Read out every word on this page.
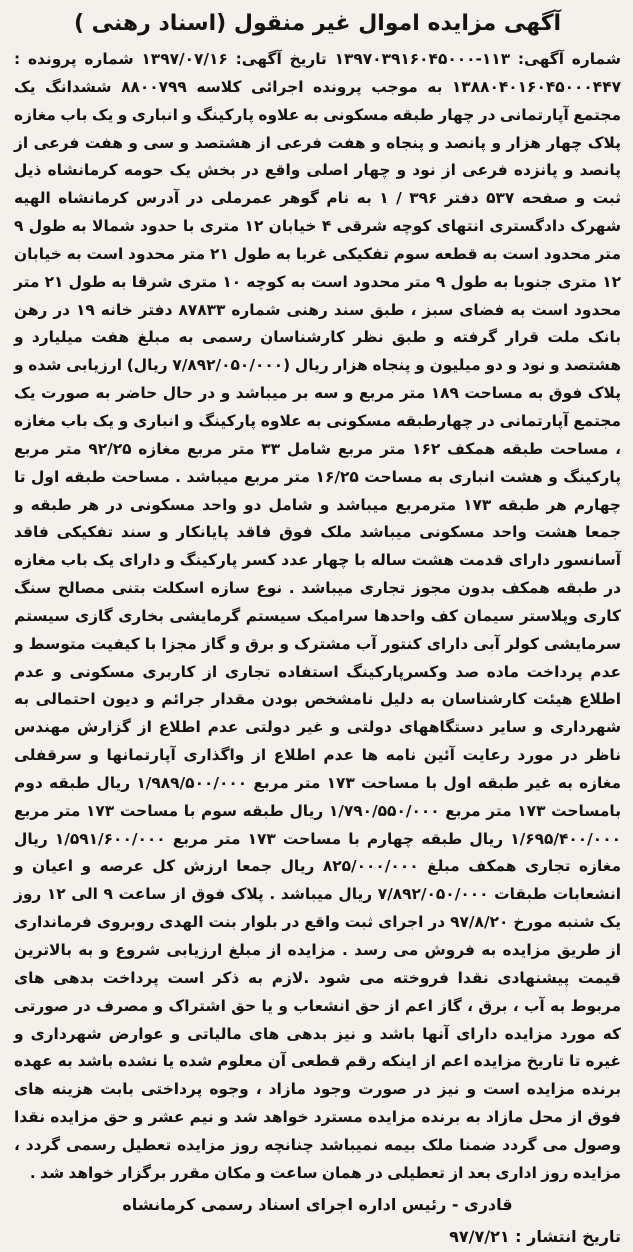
آگهی مزایده اموال غیر منقول (اسناد رهنی )

شماره آگهی: ۱۱۳-۱۳۹۷۰۳۹۱۶۰۴۵۰۰۰ تاریخ آگهی: ۱۳۹۷/۰۷/۱۶ شماره پرونده : ۱۳۸۸۰۴۰۱۶۰۴۵۰۰۰۴۴۷ به موجب پرونده اجرائی کلاسه ۸۸۰۰۷۹۹ ششدانگ یک مجتمع آپارتمانی در چهار طبقه مسکونی به علاوه پارکینگ و انباری و یک باب مغازه پلاک چهار هزار و پانصد و پنجاه و هفت فرعی از هشتصد و سی و هفت فرعی از پانصد و پانزده فرعی از نود و چهار اصلی واقع در بخش یک حومه کرمانشاه ذیل ثبت و صفحه ۵۳۷ دفتر ۳۹۶ / ۱ به نام گوهر عمرملی در آدرس کرمانشاه الهیه شهرک دادگستری انتهای کوچه شرقی ۴ خیابان ۱۲ متری با حدود شمالا به طول ۹ متر محدود است به قطعه سوم تفکیکی غربا به طول ۲۱ متر محدود است به خیابان ۱۲ متری جنوبا به طول ۹ متر محدود است به کوچه ۱۰ متری شرقا به طول ۲۱ متر محدود است به فضای سبز ، طبق سند رهنی شماره ۸۷۸۳۳ دفتر خانه ۱۹ در رهن بانک ملت قرار گرفته و طبق نظر کارشناسان رسمی به مبلغ هفت میلیارد و هشتصد و نود و دو میلیون و پنجاه هزار ریال (۷/۸۹۲/۰۵۰/۰۰۰ ریال) ارزیابی شده و پلاک فوق به مساحت ۱۸۹ متر مربع و سه بر میباشد و در حال حاضر به صورت یک مجتمع آپارتمانی در چهارطبقه مسکونی به علاوه پارکینگ و انباری و یک باب مغازه ، مساحت طبقه همکف ۱۶۲ متر مربع شامل ۳۳ متر مربع مغازه ۹۲/۲۵ متر مربع پارکینگ و هشت انباری به مساحت ۱۶/۲۵ متر مربع میباشد . مساحت طبقه اول تا چهارم هر طبقه ۱۷۳ مترمربع میباشد و شامل دو واحد مسکونی در هر طبقه و جمعا هشت واحد مسکونی میباشد ملک فوق فاقد پایانکار و سند تفکیکی فاقد آسانسور دارای قدمت هشت ساله با چهار عدد کسر پارکینگ و دارای یک باب مغازه در طبقه همکف بدون مجوز تجاری میباشد . نوع سازه اسکلت بتنی مصالح سنگ کاری وپلاستر سیمان کف واحدها سرامیک سیستم گرمایشی بخاری گازی سیستم سرمایشی کولر آبی دارای کنتور آب مشترک و برق و گاز مجزا با کیفیت متوسط و عدم پرداخت ماده صد وکسرپارکینگ استفاده تجاری از کاربری مسکونی و عدم اطلاع هیئت کارشناسان به دلیل نامشخص بودن مقدار جرائم و دیون احتمالی به شهرداری و سایر دستگاههای دولتی و غیر دولتی عدم اطلاع از گزارش مهندس ناظر در مورد رعایت آئین نامه ها عدم اطلاع از واگذاری آپارتمانها و سرقفلی مغازه به غیر طبقه اول با مساحت ۱۷۳ متر مربع ۱/۹۸۹/۵۰۰/۰۰۰ ریال طبقه دوم بامساحت ۱۷۳ متر مربع ۱/۷۹۰/۵۵۰/۰۰۰ ریال طبقه سوم با مساحت ۱۷۳ متر مربع ۱/۶۹۵/۴۰۰/۰۰۰ ریال طبقه چهارم با مساحت ۱۷۳ متر مربع ۱/۵۹۱/۶۰۰/۰۰۰ ریال مغازه تجاری همکف مبلغ ۸۲۵/۰۰۰/۰۰۰ ریال جمعا ارزش کل عرصه و اعیان و انشعابات طبقات ۷/۸۹۲/۰۵۰/۰۰۰ ریال میباشد . پلاک فوق از ساعت ۹ الی ۱۲ روز یک شنبه مورخ ۹۷/۸/۲۰ در اجرای ثبت واقع در بلوار بنت الهدی روبروی فرمانداری از طریق مزایده به فروش می رسد . مزایده از مبلغ ارزیابی شروع و به بالاترین قیمت پیشنهادی نقدا فروخته می شود .لازم به ذکر است پرداخت بدهی های مربوط به آب ، برق ، گاز اعم از حق انشعاب و یا حق اشتراک و مصرف در صورتی که مورد مزایده دارای آنها باشد و نیز بدهی های مالیاتی و عوارض شهرداری و غیره تا تاریخ مزایده اعم از اینکه رقم قطعی آن معلوم شده یا نشده باشد به عهده برنده مزایده است و نیز در صورت وجود مازاد ، وجوه پرداختی بابت هزینه های فوق از محل مازاد به برنده مزایده مسترد خواهد شد و نیم عشر و حق مزایده نقدا وصول می گردد ضمنا ملک بیمه نمیباشد چنانچه روز مزایده تعطیل رسمی گردد ، مزایده روز اداری بعد از تعطیلی در همان ساعت و مکان مقرر برگزار خواهد شد .

قادری - رئیس اداره اجرای اسناد رسمی کرمانشاه
تاریخ انتشار : ۹۷/۷/۲۱
